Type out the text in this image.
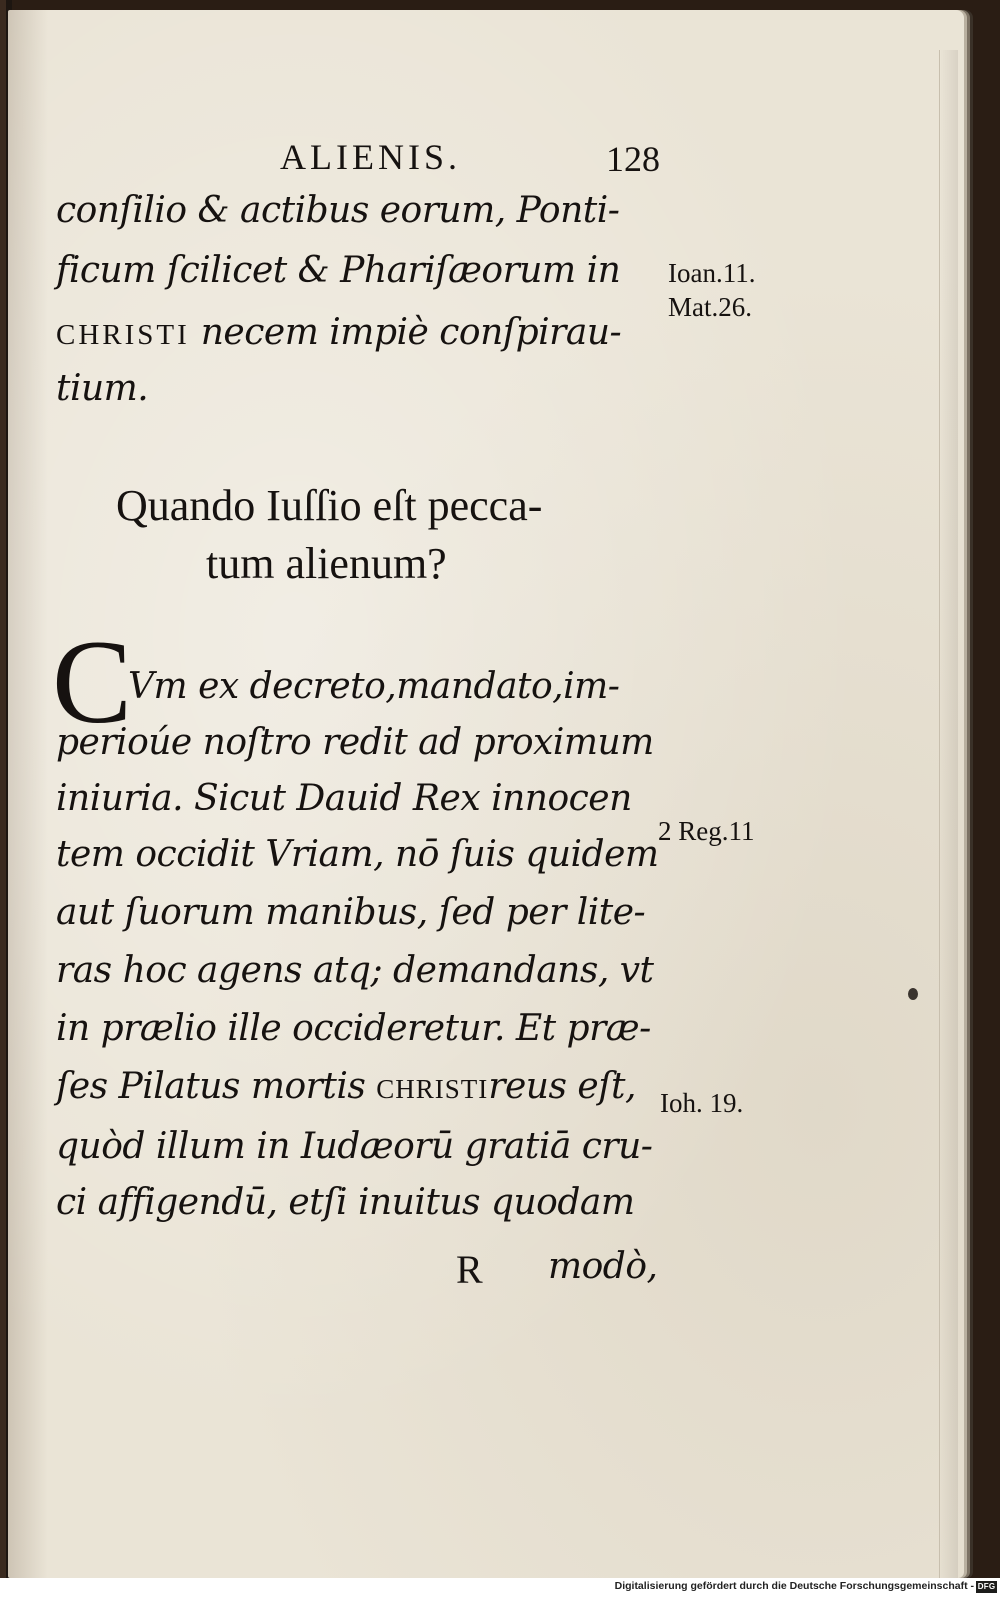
ALIENIS.	128

conſilio & actibus eorum, Ponti-

ficum ſcilicet & Phariſæorum in

CHRISTI necem impiè conſpirau-

tium.

Ioan.11.

Mat.26.

2 Reg.11

Ioh. 19.

Quando Iuſſio eſt pecca-

tum alienum?

C

Vm ex decreto,mandato,im-

perioúe noſtro redit ad proximum

iniuria. Sicut Dauid Rex innocen

tem occidit Vriam, nō ſuis quidem

aut ſuorum manibus, ſed per lite-

ras hoc agens atq; demandans, vt

in prælio ille occideretur. Et præ-

ſes Pilatus mortis CHRISTIreus eſt,

quòd illum in Iudæorū gratiā cru-

ci affigendū, etſi inuitus quodam

R modò,

Digitalisierung gefördert durch die Deutsche Forschungsgemeinschaft - DFG
